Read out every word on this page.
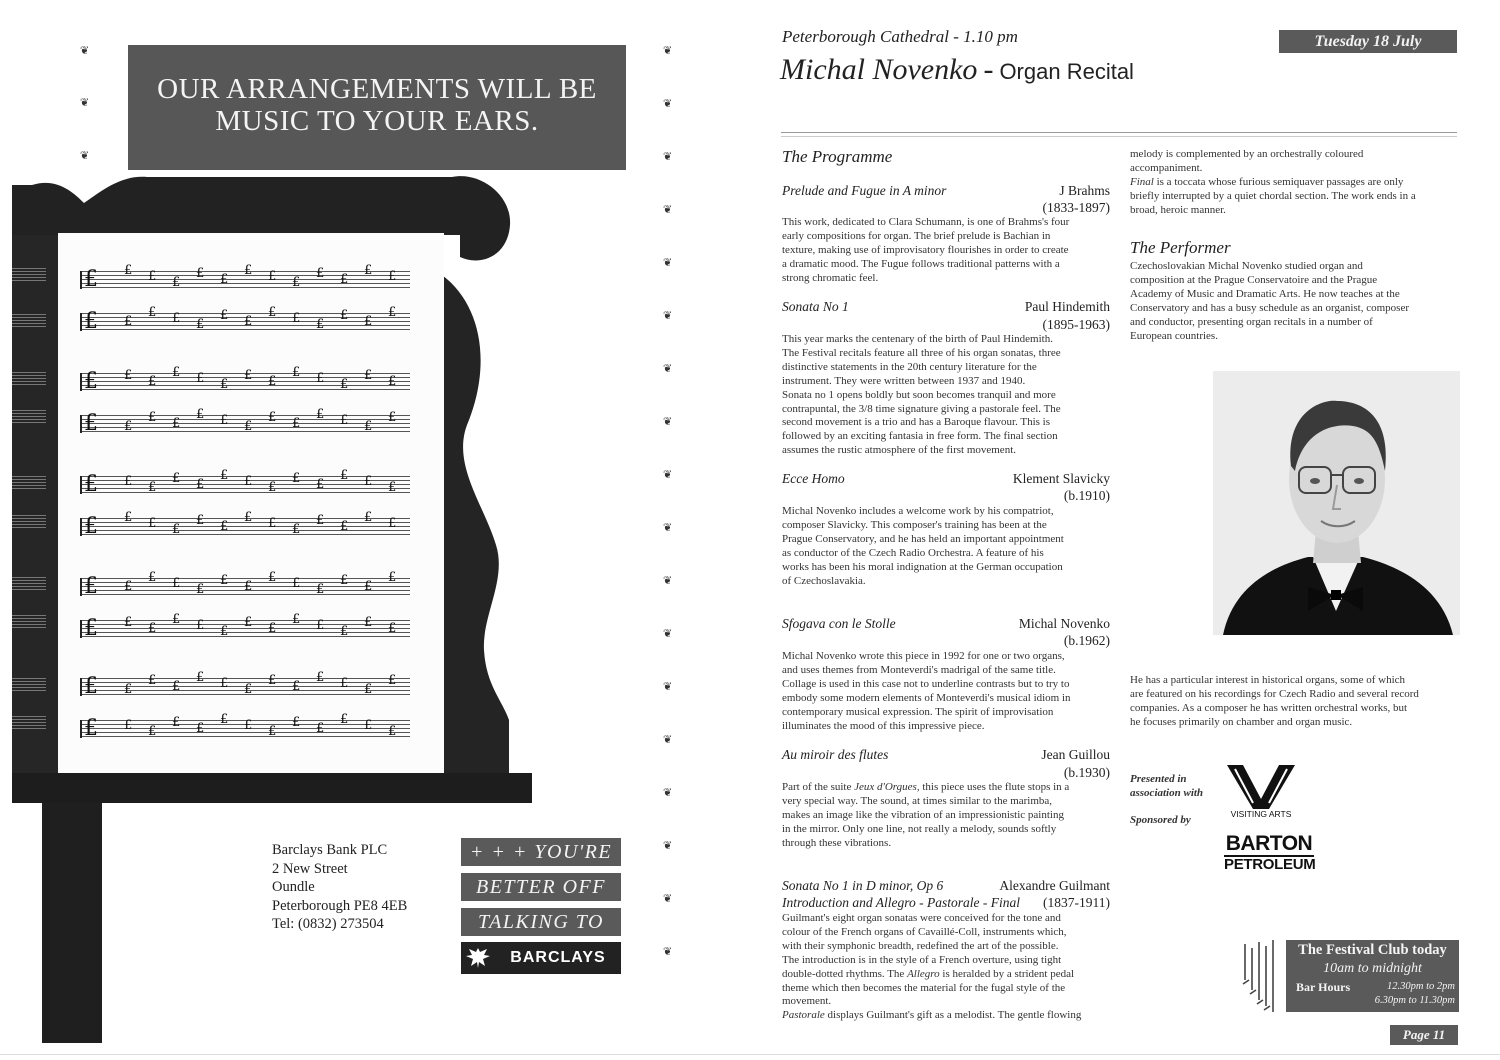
OUR ARRANGEMENTS WILL BE
MUSIC TO YOUR EARS.
❦
❦
❦
❦
❦
❦
❦
❦
❦
❦
❦
❦
❦
❦
❦
❦
❦
❦
❦
❦
❦
£ £ £ £
£ £
£ £ £
£ £
£ £
£ £
£ £ £
£ £
£ £ £
£ £
£
£ £ £
£ £ £
£ £
£ £ £
£ £
£ £
£ £
£ £ £
£ £
£ £ £
£
£ £ £
£ £
£ £ £
£ £
£ £ £
£ £ £ £
£ £
£ £ £
£ £
£ £
£ £
£ £ £
£ £
£ £ £
£ £
£
£ £ £
£ £ £
£ £
£ £ £
£ £
£ £
£ £
£ £ £
£ £
£ £ £
£
£ £ £
£ £
£ £ £
£ £
£ £ £
Barclays Bank PLC
2 New Street
Oundle
Peterborough PE8 4EB
Tel: (0832) 273504
+ + + YOU'RE
BETTER OFF
TALKING TO
BARCLAYS
Peterborough Cathedral - 1.10 pm	Tuesday 18 July
Michal Novenko - Organ Recital
The Programme
Prelude and Fugue in A minor	J Brahms
(1833-1897)
This work, dedicated to Clara Schumann, is one of Brahms's four
early compositions for organ. The brief prelude is Bachian in
texture, making use of improvisatory flourishes in order to create
a dramatic mood. The Fugue follows traditional patterns with a
strong chromatic feel.
Sonata No 1	Paul Hindemith
(1895-1963)
This year marks the centenary of the birth of Paul Hindemith.
The Festival recitals feature all three of his organ sonatas, three
distinctive statements in the 20th century literature for the
instrument. They were written between 1937 and 1940.
Sonata no 1 opens boldly but soon becomes tranquil and more
contrapuntal, the 3/8 time signature giving a pastorale feel. The
second movement is a trio and has a Baroque flavour. This is
followed by an exciting fantasia in free form. The final section
assumes the rustic atmosphere of the first movement.
Ecce Homo	Klement Slavicky
(b.1910)
Michal Novenko includes a welcome work by his compatriot,
composer Slavicky. This composer's training has been at the
Prague Conservatory, and he has held an important appointment
as conductor of the Czech Radio Orchestra. A feature of his
works has been his moral indignation at the German occupation
of Czechoslavakia.
Sfogava con le Stolle	Michal Novenko
(b.1962)
Michal Novenko wrote this piece in 1992 for one or two organs,
and uses themes from Monteverdi's madrigal of the same title.
Collage is used in this case not to underline contrasts but to try to
embody some modern elements of Monteverdi's musical idiom in
contemporary musical expression. The spirit of improvisation
illuminates the mood of this impressive piece.
Au miroir des flutes	Jean Guillou
(b.1930)
Part of the suite Jeux d'Orgues, this piece uses the flute stops in a
very special way. The sound, at times similar to the marimba,
makes an image like the vibration of an impressionistic painting
in the mirror. Only one line, not really a melody, sounds softly
through these vibrations.
Sonata No 1 in D minor, Op 6	Alexandre Guilmant
Introduction and Allegro - Pastorale - Final	(1837-1911)
Guilmant's eight organ sonatas were conceived for the tone and
colour of the French organs of Cavaillé-Coll, instruments which,
with their symphonic breadth, redefined the art of the possible.
The introduction is in the style of a French overture, using tight
double-dotted rhythms. The Allegro is heralded by a strident pedal
theme which then becomes the material for the fugal style of the
movement.
Pastorale displays Guilmant's gift as a melodist. The gentle flowing
melody is complemented by an orchestrally coloured
accompaniment.
Final is a toccata whose furious semiquaver passages are only
briefly interrupted by a quiet chordal section. The work ends in a
broad, heroic manner.
The Performer
Czechoslovakian Michal Novenko studied organ and
composition at the Prague Conservatoire and the Prague
Academy of Music and Dramatic Arts. He now teaches at the
Conservatory and has a busy schedule as an organist, composer
and conductor, presenting organ recitals in a number of
European countries.
He has a particular interest in historical organs, some of which
are featured on his recordings for Czech Radio and several record
companies. As a composer he has written orchestral works, but
he focuses primarily on chamber and organ music.
Presented in
association with
VISITING ARTS
Sponsored by
BARTON
PETROLEUM
The Festival Club today
10am to midnight
Bar Hours	12.30pm to 2pm
6.30pm to 11.30pm
Page 11
